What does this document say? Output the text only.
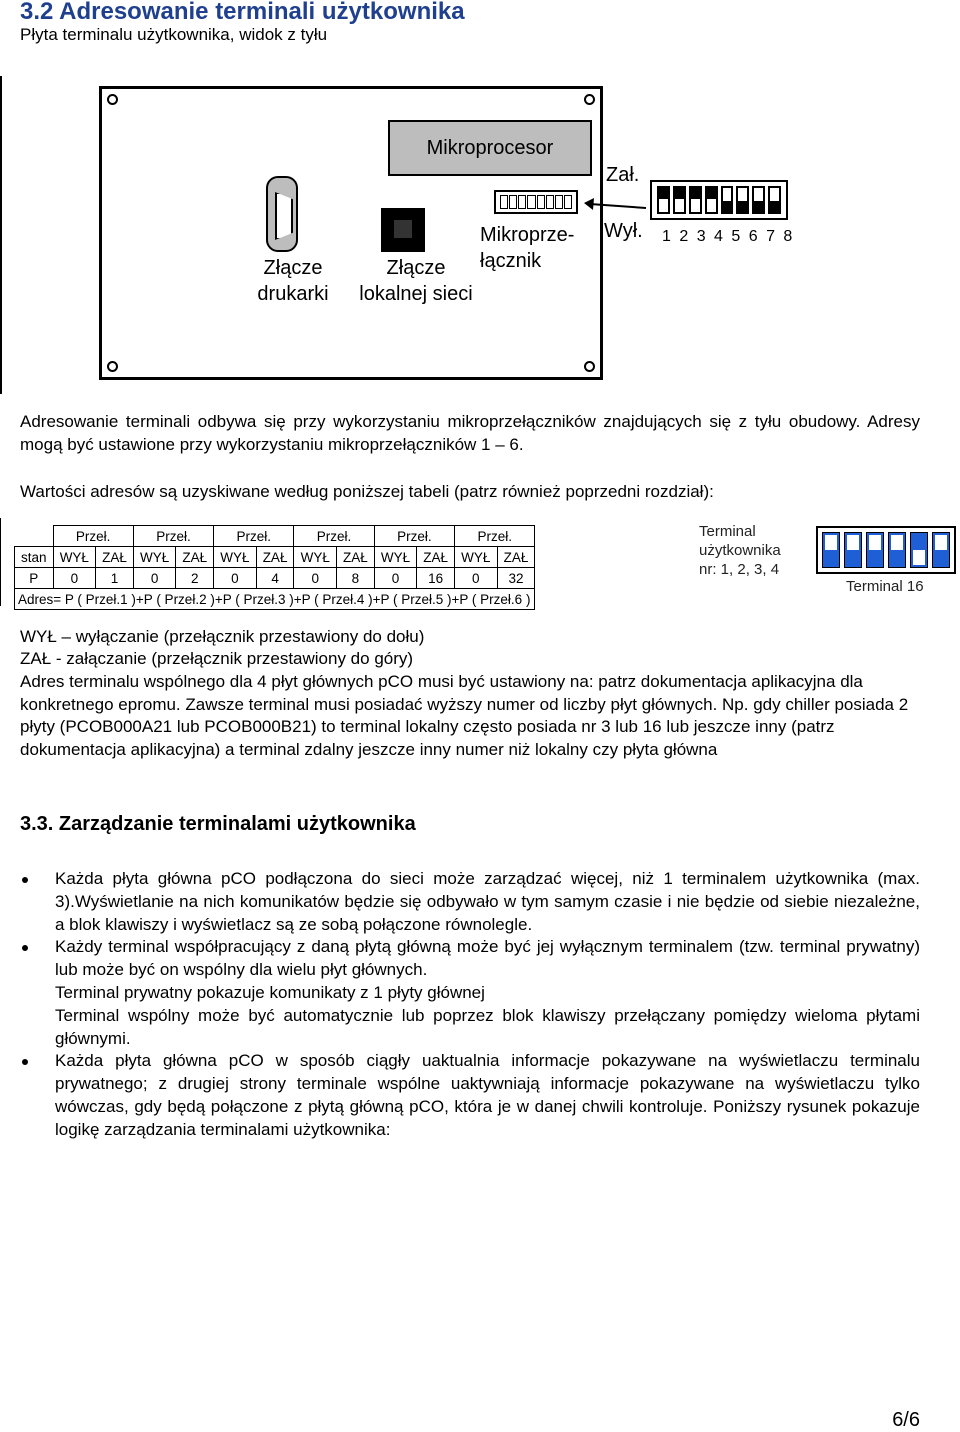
3.2 Adresowanie terminali użytkownika
Płyta terminalu użytkownika, widok z tyłu
Mikroprocesor
Złącze
drukarki
Złącze
lokalnej sieci
Mikroprze-
łącznik
Zał.
Wył. 1 2 3 4 5 6 7 8
Adresowanie terminali odbywa się przy wykorzystaniu mikroprzełączników znajdujących się z tyłu obudowy. Adresy mogą być ustawione przy wykorzystaniu mikroprzełączników 1 – 6.
Wartości adresów są uzyskiwane według poniższej tabeli (patrz również poprzedni rozdział):
	Przeł.		Przeł.		Przeł.		Przeł.		Przeł.		Przeł.	
stan	WYŁ	ZAŁ	WYŁ	ZAŁ	WYŁ	ZAŁ	WYŁ	ZAŁ	WYŁ	ZAŁ	WYŁ	ZAŁ
P	0	1	0	2	0	4	0	8	0	16	0	32
Adres= P ( Przeł.1 )+P ( Przeł.2 )+P ( Przeł.3 )+P ( Przeł.4 )+P ( Przeł.5 )+P ( Przeł.6 )												
Terminal
użytkownika
nr: 1, 2, 3, 4
Terminal 16
WYŁ – wyłączanie (przełącznik przestawiony do dołu)
ZAŁ - załączanie (przełącznik przestawiony do góry)
Adres terminalu wspólnego dla 4 płyt głównych pCO musi być ustawiony na: patrz dokumentacja aplikacyjna dla konkretnego epromu. Zawsze terminal musi posiadać wyższy numer od liczby płyt głównych. Np. gdy chiller posiada 2 płyty (PCOB000A21 lub PCOB000B21) to terminal lokalny często posiada nr 3 lub 16 lub jeszcze inny (patrz dokumentacja aplikacyjna) a terminal zdalny jeszcze inny numer niż lokalny czy płyta główna
3.3. Zarządzanie terminalami użytkownika
Każda płyta główna pCO podłączona do sieci może zarządzać więcej, niż 1 terminalem użytkownika (max. 3).Wyświetlanie na nich komunikatów będzie się odbywało w tym samym czasie i nie będzie od siebie niezależne, a blok klawiszy i wyświetlacz są ze sobą połączone równolegle.
Każdy terminal współpracujący z daną płytą główną może być jej wyłącznym terminalem (tzw. terminal prywatny) lub może być on wspólny dla wielu płyt głównych.
Terminal prywatny pokazuje komunikaty z 1 płyty głównej
Terminal wspólny może być automatycznie lub poprzez blok klawiszy przełączany pomiędzy wieloma płytami głównymi.
Każda płyta główna pCO w sposób ciągły uaktualnia informacje pokazywane na wyświetlaczu terminalu prywatnego; z drugiej strony terminale wspólne uaktywniają informacje pokazywane na wyświetlaczu tylko wówczas, gdy będą połączone z płytą główną pCO, która je w danej chwili kontroluje. Poniższy rysunek pokazuje logikę zarządzania terminalami użytkownika:
6/6
